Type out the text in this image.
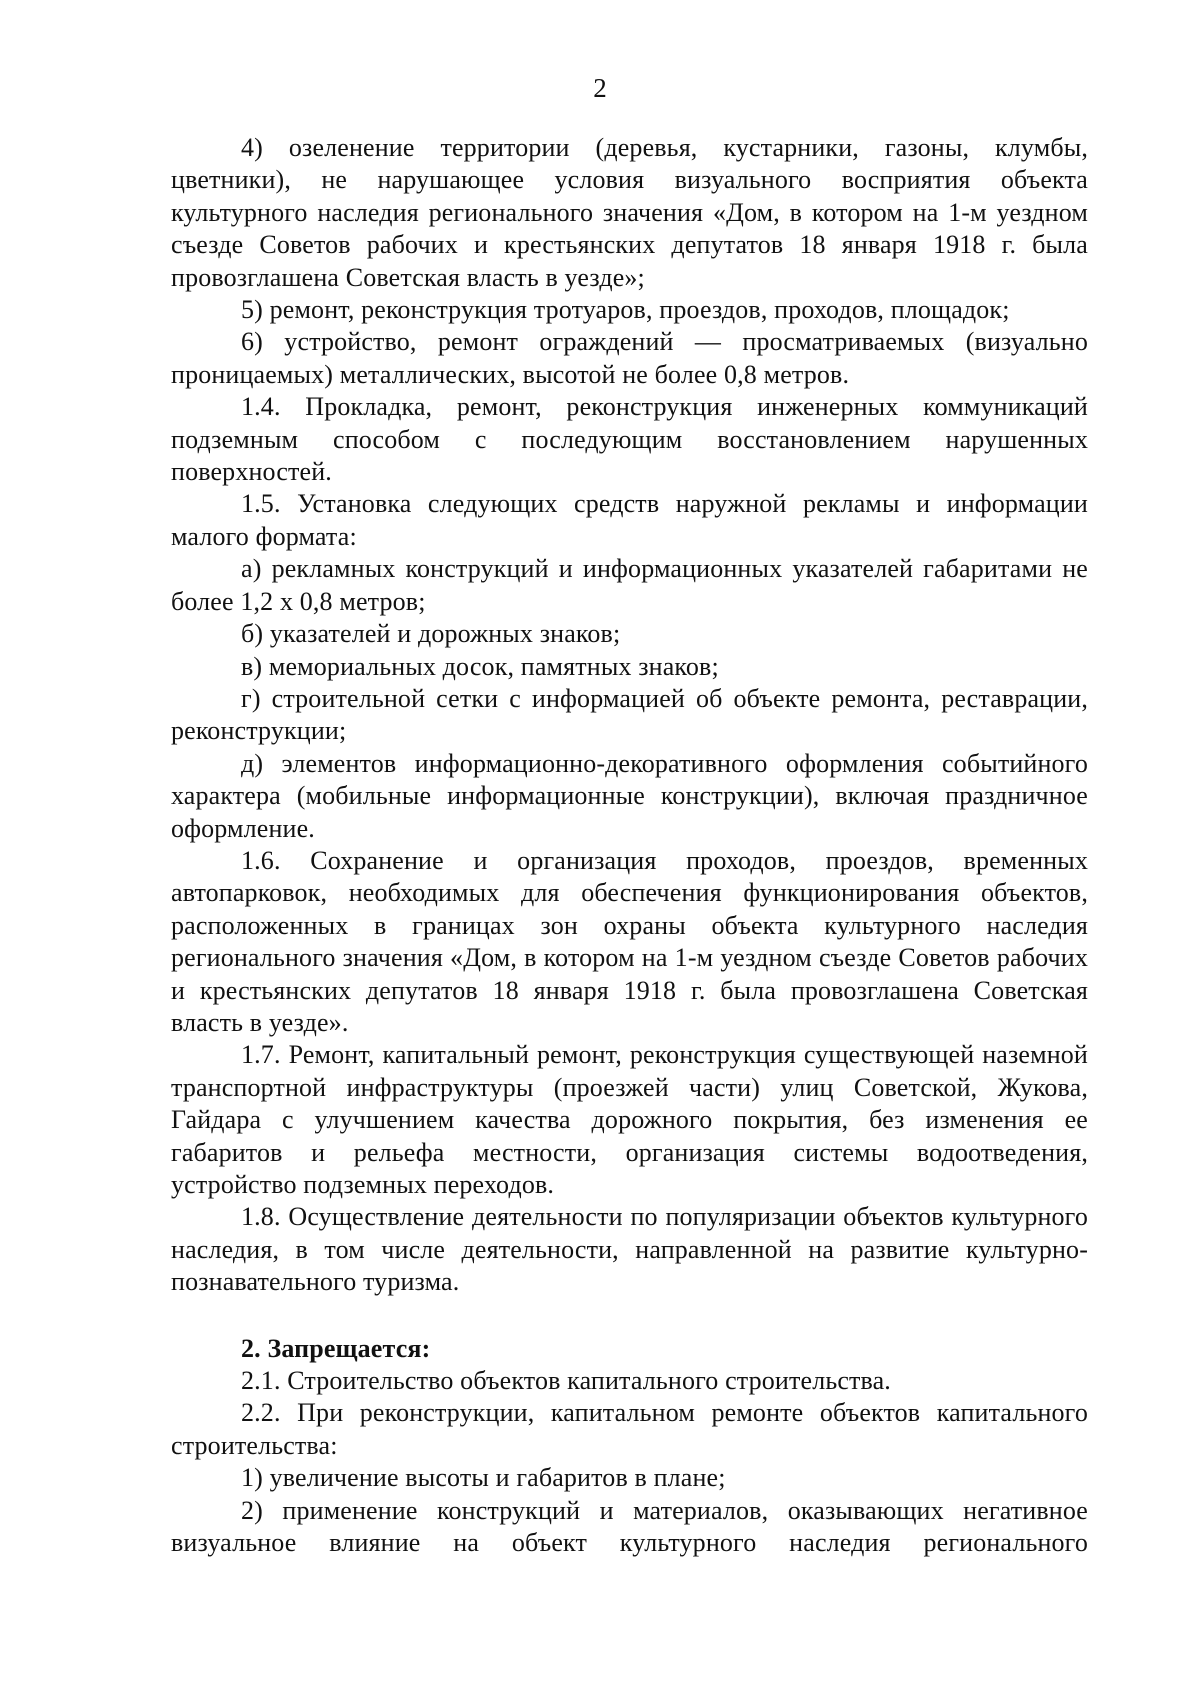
2

4) озеленение территории (деревья, кустарники, газоны, клумбы, цветники), не нарушающее условия визуального восприятия объекта культурного наследия регионального значения «Дом, в котором на 1-м уездном съезде Советов рабочих и крестьянских депутатов 18 января 1918 г. была провозглашена Советская власть в уезде»;

5) ремонт, реконструкция тротуаров, проездов, проходов, площадок;

6) устройство, ремонт ограждений — просматриваемых (визуально проницаемых) металлических, высотой не более 0,8 метров.

1.4. Прокладка, ремонт, реконструкция инженерных коммуникаций подземным способом с последующим восстановлением нарушенных поверхностей.

1.5. Установка следующих средств наружной рекламы и информации малого формата:

а) рекламных конструкций и информационных указателей габаритами не более 1,2 х 0,8 метров;

б) указателей и дорожных знаков;

в) мемориальных досок, памятных знаков;

г) строительной сетки с информацией об объекте ремонта, реставрации, реконструкции;

д) элементов информационно-декоративного оформления событийного характера (мобильные информационные конструкции), включая праздничное оформление.

1.6. Сохранение и организация проходов, проездов, временных автопарковок, необходимых для обеспечения функционирования объектов, расположенных в границах зон охраны объекта культурного наследия регионального значения «Дом, в котором на 1-м уездном съезде Советов рабочих и крестьянских депутатов 18 января 1918 г. была провозглашена Советская власть в уезде».

1.7. Ремонт, капитальный ремонт, реконструкция существующей наземной транспортной инфраструктуры (проезжей части) улиц Советской, Жукова, Гайдара с улучшением качества дорожного покрытия, без изменения ее габаритов и рельефа местности, организация системы водоотведения, устройство подземных переходов.

1.8. Осуществление деятельности по популяризации объектов культурного наследия, в том числе деятельности, направленной на развитие культурно-познавательного туризма.

2. Запрещается:

2.1. Строительство объектов капитального строительства.

2.2. При реконструкции, капитальном ремонте объектов капитального строительства:

1) увеличение высоты и габаритов в плане;

2) применение конструкций и материалов, оказывающих негативное визуальное влияние на объект культурного наследия регионального
